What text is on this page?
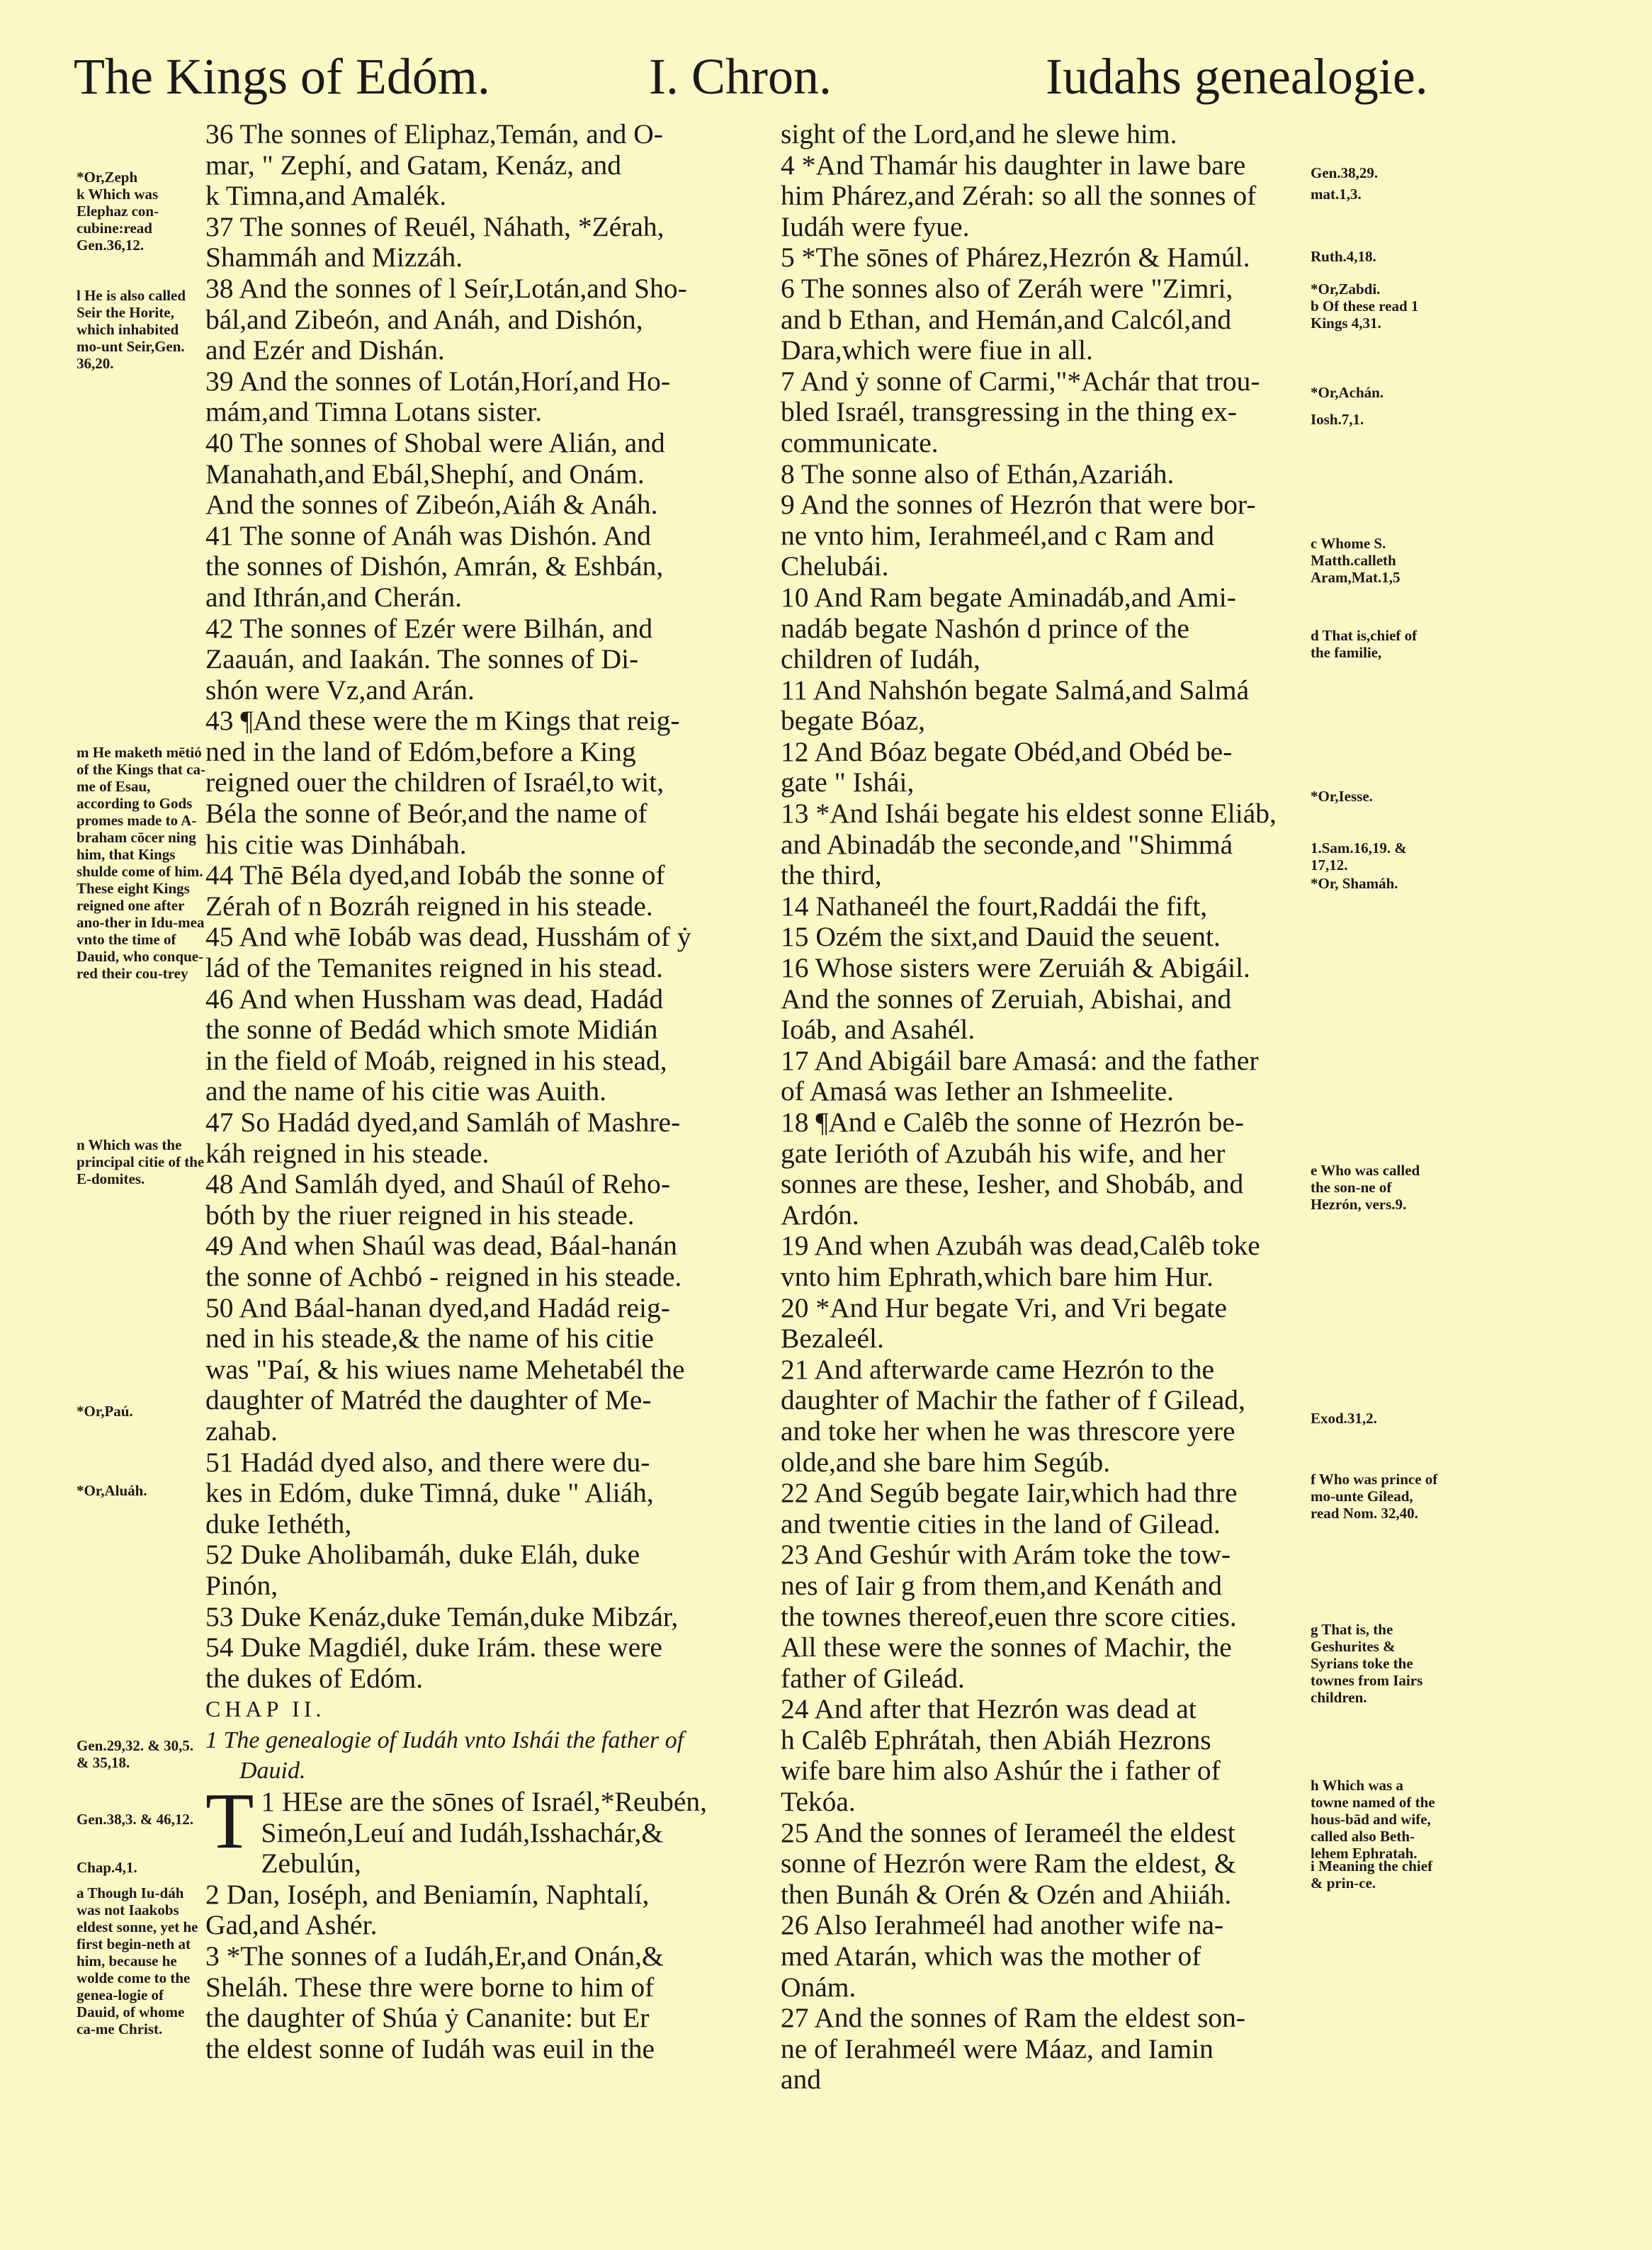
The Kings of Edóm.	I. Chron.	Iudahs genealogie.
36 The sonnes of Eliphaz,Temán, and O-
mar, " Zephí, and Gatam, Kenáz, and
k Timna,and Amalék.
37 The sonnes of Reuél, Náhath, *Zérah,
Shammáh and Mizzáh.
38 And the sonnes of l Seír,Lotán,and Sho-
bál,and Zibeón, and Anáh, and Dishón,
and Ezér and Dishán.
39 And the sonnes of Lotán,Horí,and Ho-
mám,and Timna Lotans sister.
40 The sonnes of Shobal were Alián, and
Manahath,and Ebál,Shephí, and Onám.
And the sonnes of Zibeón,Aiáh & Anáh.
41 The sonne of Anáh was Dishón. And
the sonnes of Dishón, Amrán, & Eshbán,
and Ithrán,and Cherán.
42 The sonnes of Ezér were Bilhán, and
Zaauán, and Iaakán. The sonnes of Di-
shón were Vz,and Arán.
43 ¶And these were the m Kings that reig-
ned in the land of Edóm,before a King
reigned ouer the children of Israél,to wit,
Béla the sonne of Beór,and the name of
his citie was Dinhábah.
44 Thē Béla dyed,and Iobáb the sonne of
Zérah of n Bozráh reigned in his steade.
45 And whē Iobáb was dead, Husshám of ẏ
lád of the Temanites reigned in his stead.
46 And when Hussham was dead, Hadád
the sonne of Bedád which smote Midián
in the field of Moáb, reigned in his stead,
and the name of his citie was Auith.
47 So Hadád dyed,and Samláh of Mashre-
káh reigned in his steade.
48 And Samláh dyed, and Shaúl of Reho-
bóth by the riuer reigned in his steade.
49 And when Shaúl was dead, Báal-hanán
the sonne of Achbó - reigned in his steade.
50 And Báal-hanan dyed,and Hadád reig-
ned in his steade,& the name of his citie
was "Paí, & his wiues name Mehetabél the
daughter of Matréd the daughter of Me-
zahab.
51 Hadád dyed also, and there were du-
kes in Edóm, duke Timná, duke " Aliáh,
duke Iethéth,
52 Duke Aholibamáh, duke Eláh, duke
Pinón,
53 Duke Kenáz,duke Temán,duke Mibzár,
54 Duke Magdiél, duke Irám. these were
the dukes of Edóm.
CHAP II.
1 The genealogie of Iudáh vnto Ishái the father of
Dauid.
T 1 HEse are the sōnes of Israél,*Reubén,
Simeón,Leuí and Iudáh,Isshachár,&
Zebulún,
2 Dan, Ioséph, and Beniamín, Naphtalí,
Gad,and Ashér.
3 *The sonnes of a Iudáh,Er,and Onán,&
Sheláh. These thre were borne to him of
the daughter of Shúa ẏ Cananite: but Er
the eldest sonne of Iudáh was euil in the
sight of the Lord,and he slewe him.
4 *And Thamár his daughter in lawe bare
him Phárez,and Zérah: so all the sonnes of
Iudáh were fyue.
5 *The sōnes of Phárez,Hezrón & Hamúl.
6 The sonnes also of Zeráh were "Zimri,
and b Ethan, and Hemán,and Calcól,and
Dara,which were fiue in all.
7 And ẏ sonne of Carmi,"*Achár that trou-
bled Israél, transgressing in the thing ex-
communicate.
8 The sonne also of Ethán,Azariáh.
9 And the sonnes of Hezrón that were bor-
ne vnto him, Ierahmeél,and c Ram and
Chelubái.
10 And Ram begate Aminadáb,and Ami-
nadáb begate Nashón d prince of the
children of Iudáh,
11 And Nahshón begate Salmá,and Salmá
begate Bóaz,
12 And Bóaz begate Obéd,and Obéd be-
gate " Ishái,
13 *And Ishái begate his eldest sonne Eliáb,
and Abinadáb the seconde,and "Shimmá
the third,
14 Nathaneél the fourt,Raddái the fift,
15 Ozém the sixt,and Dauid the seuent.
16 Whose sisters were Zeruiáh & Abigáil.
And the sonnes of Zeruiah, Abishai, and
Ioáb, and Asahél.
17 And Abigáil bare Amasá: and the father
of Amasá was Iether an Ishmeelite.
18 ¶And e Calêb the sonne of Hezrón be-
gate Ierióth of Azubáh his wife, and her
sonnes are these, Iesher, and Shobáb, and
Ardón.
19 And when Azubáh was dead,Calêb toke
vnto him Ephrath,which bare him Hur.
20 *And Hur begate Vri, and Vri begate
Bezaleél.
21 And afterwarde came Hezrón to the
daughter of Machir the father of f Gilead,
and toke her when he was threscore yere
olde,and she bare him Segúb.
22 And Segúb begate Iair,which had thre
and twentie cities in the land of Gilead.
23 And Geshúr with Arám toke the tow-
nes of Iair g from them,and Kenáth and
the townes thereof,euen thre score cities.
All these were the sonnes of Machir, the
father of Gileád.
24 And after that Hezrón was dead at
h Calêb Ephrátah, then Abiáh Hezrons
wife bare him also Ashúr the i father of
Tekóa.
25 And the sonnes of Ierameél the eldest
sonne of Hezrón were Ram the eldest, &
then Bunáh & Orén & Ozén and Ahiiáh.
26 Also Ierahmeél had another wife na-
med Atarán, which was the mother of
Onám.
27 And the sonnes of Ram the eldest son-
ne of Ierahmeél were Máaz, and Iamin
and
*Or,Zeph
k Which was Elephaz con-cubine:read Gen.36,12.
l He is also called Seir the Horite, which inhabited mo-unt Seir,Gen. 36,20.
m He maketh mētió of the Kings that ca-me of Esau, according to Gods promes made to A-braham cōcer ning him, that Kings shulde come of him. These eight Kings reigned one after ano-ther in Idu-mea vnto the time of Dauid, who conque-red their cou-trey
n Which was the principal citie of the E-domites.
*Or,Paú.
*Or,Aluáh.
Gen.29,32. & 30,5. & 35,18.
Gen.38,3. & 46,12.
Chap.4,1.
a Though Iu-dáh was not Iaakobs eldest sonne, yet he first begin-neth at him, because he wolde come to the genea-logie of Dauid, of whome ca-me Christ.
Gen.38,29.
mat.1,3.
Ruth.4,18.
*Or,Zabdi.
b Of these read 1 Kings 4,31.
*Or,Achán.
Iosh.7,1.
c Whome S. Matth.calleth Aram,Mat.1,5
d That is,chief of the familie,
*Or,Iesse.
1.Sam.16,19. & 17,12.
*Or, Shamáh.
e Who was called the son-ne of Hezrón, vers.9.
Exod.31,2.
f Who was prince of mo-unte Gilead, read Nom. 32,40.
g That is, the Geshurites & Syrians toke the townes from Iairs children.
h Which was a towne named of the hous-bād and wife, called also Beth-lehem Ephratah.
i Meaning the chief & prin-ce.
